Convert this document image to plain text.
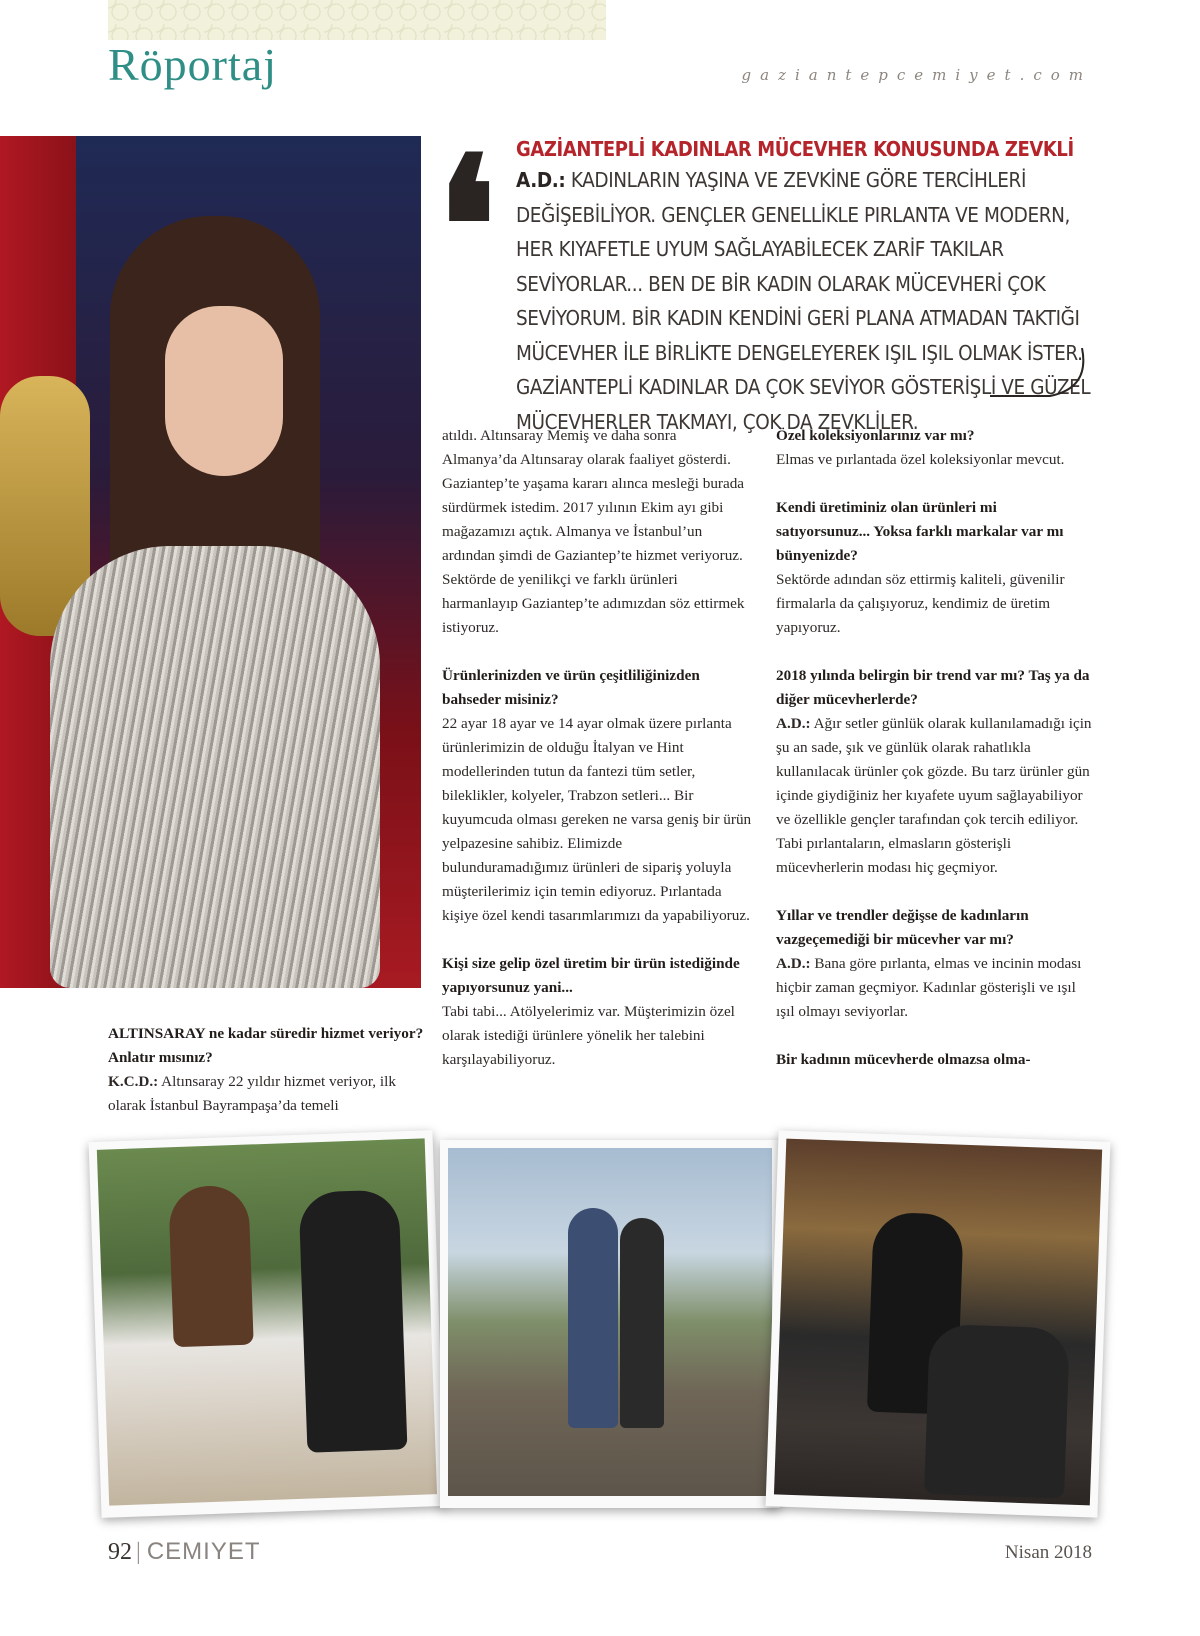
Röportaj	gaziantepcemiyet.com
❛ GAZİANTEPLİ KADINLAR MÜCEVHER KONUSUNDA ZEVKLİ
A.D.: KADINLARIN YAŞINA VE ZEVKİNE GÖRE TERCİHLERİ DEĞİŞEBİLİYOR. GENÇLER GENELLİKLE PIRLANTA VE MODERN, HER KIYAFETLE UYUM SAĞLAYABİLECEK ZARİF TAKILAR SEVİYORLAR... BEN DE BİR KADIN OLARAK MÜCEVHERİ ÇOK SEVİYORUM. BİR KADIN KENDİNİ GERİ PLANA ATMADAN TAKTIĞI MÜCEVHER İLE BİRLİKTE DENGELEYEREK IŞIL IŞIL OLMAK İSTER. GAZİANTEPLİ KADINLAR DA ÇOK SEVİYOR GÖSTERİŞLİ VE GÜZEL MÜCEVHERLER TAKMAYI, ÇOK DA ZEVKLİLER.

atıldı. Altınsaray Memiş ve daha sonra Almanya’da Altınsaray olarak faaliyet gösterdi. Gaziantep’te yaşama kararı alınca mesleği burada sürdürmek istedim. 2017 yılının Ekim ayı gibi mağazamızı açtık. Almanya ve İstanbul’un ardından şimdi de Gaziantep’te hizmet veriyoruz. Sektörde de yenilikçi ve farklı ürünleri harmanlayıp Gaziantep’te adımızdan söz ettirmek istiyoruz.

Ürünlerinizden ve ürün çeşitliliğinizden bahseder misiniz?

22 ayar 18 ayar ve 14 ayar olmak üzere pırlanta ürünlerimizin de olduğu İtalyan ve Hint modellerinden tutun da fantezi tüm setler, bileklikler, kolyeler, Trabzon setleri... Bir kuyumcuda olması gereken ne varsa geniş bir ürün yelpazesine sahibiz. Elimizde bulunduramadığımız ürünleri de sipariş yoluyla müşterilerimiz için temin ediyoruz. Pırlantada kişiye özel kendi tasarımlarımızı da yapabiliyoruz.

Kişi size gelip özel üretim bir ürün istediğinde yapıyorsunuz yani...

Tabi tabi... Atölyelerimiz var. Müşterimizin özel olarak istediği ürünlere yönelik her talebini karşılayabiliyoruz.

Özel koleksiyonlarınız var mı?

Elmas ve pırlantada özel koleksiyonlar mevcut.

Kendi üretiminiz olan ürünleri mi satıyorsunuz... Yoksa farklı markalar var mı bünyenizde?

Sektörde adından söz ettirmiş kaliteli, güvenilir firmalarla da çalışıyoruz, kendimiz de üretim yapıyoruz.

2018 yılında belirgin bir trend var mı? Taş ya da diğer mücevherlerde?

A.D.: Ağır setler günlük olarak kullanılamadığı için şu an sade, şık ve günlük olarak rahatlıkla kullanılacak ürünler çok gözde. Bu tarz ürünler gün içinde giydiğiniz her kıyafete uyum sağlayabiliyor ve özellikle gençler tarafından çok tercih ediliyor. Tabi pırlantaların, elmasların gösterişli mücevherlerin modası hiç geçmiyor.

Yıllar ve trendler değişse de kadınların vazgeçemediği bir mücevher var mı?

A.D.: Bana göre pırlanta, elmas ve incinin modası hiçbir zaman geçmiyor. Kadınlar gösterişli ve ışıl ışıl olmayı seviyorlar.

Bir kadının mücevherde olmazsa olma-

ALTINSARAY ne kadar süredir hizmet veriyor? Anlatır mısınız?

K.C.D.: Altınsaray 22 yıldır hizmet veriyor, ilk olarak İstanbul Bayrampaşa’da temeli

92 | CEMIYET	Nisan 2018
